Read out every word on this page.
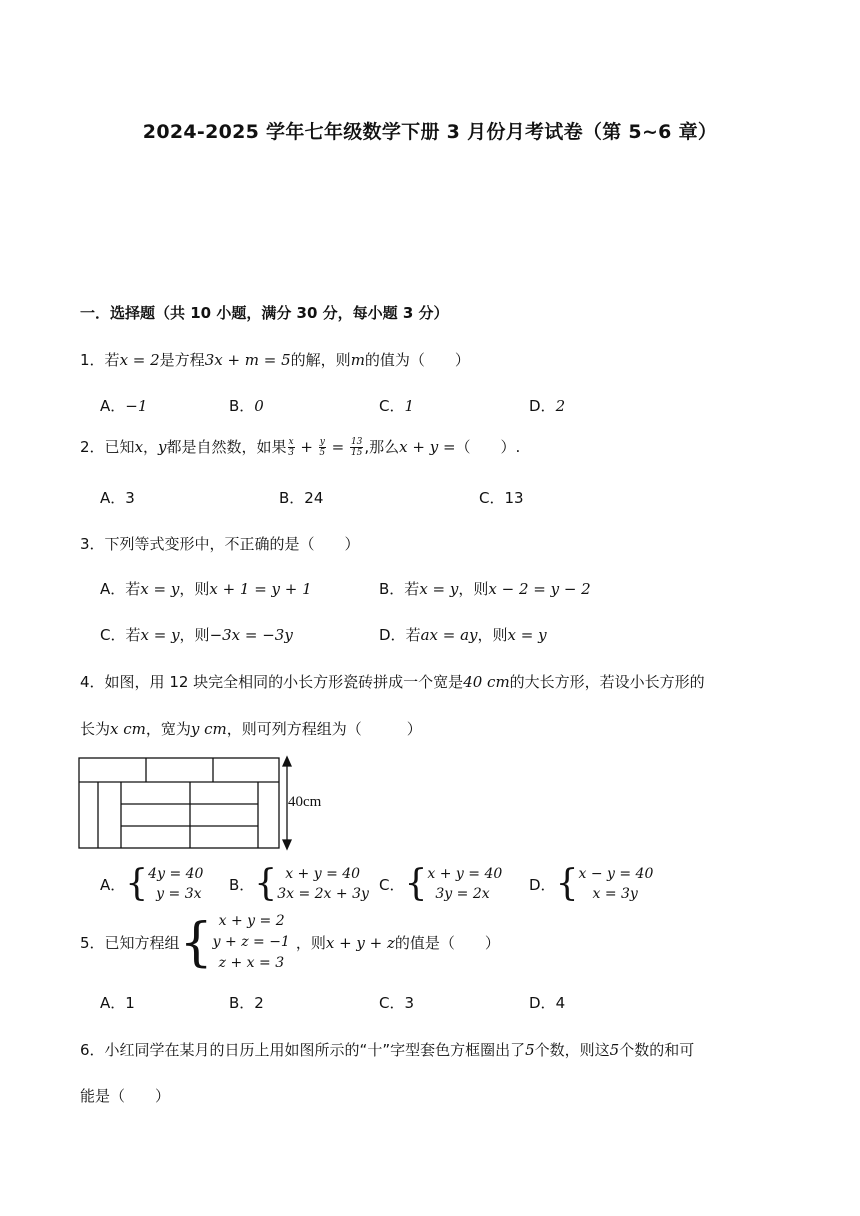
2024-2025 学年七年级数学下册 3 月份月考试卷（第 5~6 章）
一．选择题（共 10 小题，满分 30 分，每小题 3 分）
1．若x = 2是方程3x + m = 5的解，则m的值为（　　）
A．−1	B．0	C．1	D．2
2．已知x，y都是自然数，如果 $\frac{x}{3} + \frac{y}{5} = \frac{13}{15}$ ,那么x + y =（　　）.
A．3	B．24	C．13
3．下列等式变形中，不正确的是（　　）
A．若x = y，则x + 1 = y + 1	B．若x = y，则x − 2 = y − 2
C．若x = y，则−3x = −3y	D．若ax = ay，则x = y
4．如图，用 12 块完全相同的小长方形瓷砖拼成一个宽是40 cm的大长方形，若设小长方形的
长为x cm，宽为y cm，则可列方程组为（　　　）
40cm
A． { 4y = 40
y = 3x
B． { x + y = 40
3x = 2x + 3y
C． { x + y = 40
3y = 2x
D． { x − y = 40
x = 3y
5． 已知方程组 { x + y = 2
y + z = −1
z + x = 3
，则 x + y + z 的值是（　　）
A．1	B．2	C．3	D．4
6．小红同学在某月的日历上用如图所示的“十”字型套色方框圈出了5个数，则这5个数的和可
能是（　　）
